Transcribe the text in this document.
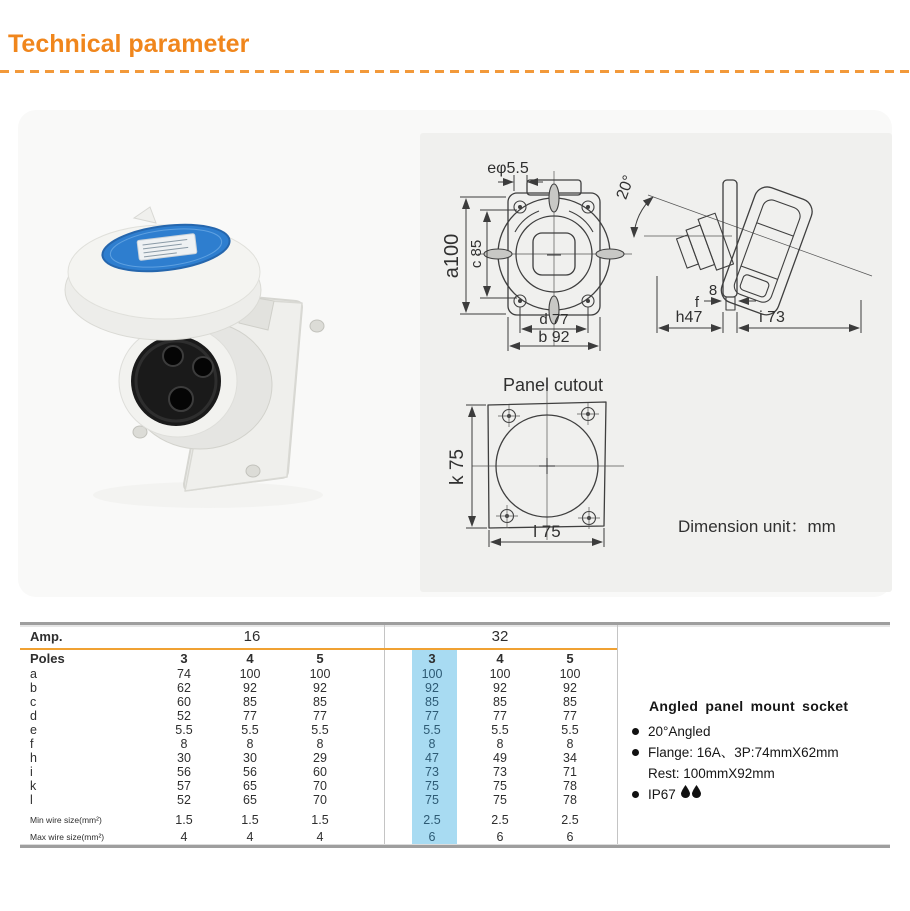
Technical parameter
eφ5.5
a100 c 85
d 77
b 92
20°
8
f
h47	i 73
Panel cutout
k 75
l 75	Dimension unit：mm
Amp.	16	32
Poles	3	4	5	3	4	5
a	74	100	100	100	100	100
b	62	92	92	92	92	92
c	60	85	85	85	85	85
d	52	77	77	77	77	77
e	5.5	5.5	5.5	5.5	5.5	5.5
f	8	8	8	8	8	8
h	30	30	29	47	49	34
i	56	56	60	73	73	71
k	57	65	70	75	75	78
l	52	65	70	75	75	78
Min wire size(mm²)	1.5	1.5	1.5	2.5	2.5	2.5
Max wire size(mm²)	4	4	4	6	6	6
Angled panel mount socket
20°Angled
Flange: 16A、3P:74mmX62mm
Rest: 100mmX92mm
IP67
